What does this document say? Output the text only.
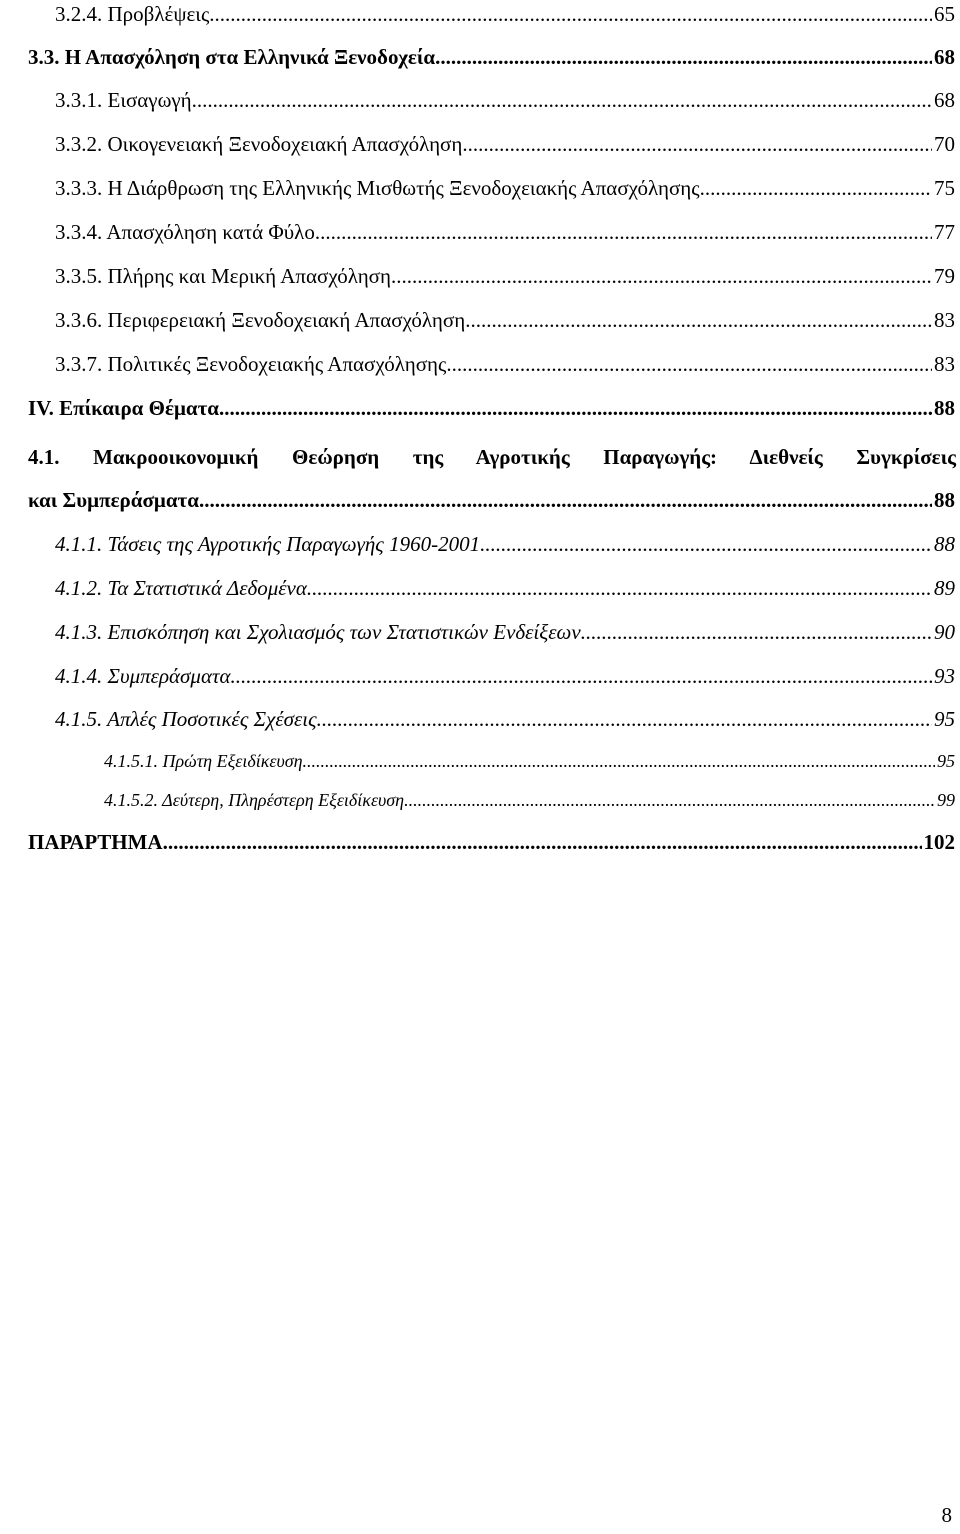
3.2.4. Προβλέψεις .....	65
3.3. Η Απασχόληση στα Ελληνικά Ξενοδοχεία .....	68
3.3.1. Εισαγωγή .....	68
3.3.2. Οικογενειακή Ξενοδοχειακή Απασχόληση .....	70
3.3.3. Η Διάρθρωση της Ελληνικής Μισθωτής Ξενοδοχειακής Απασχόλησης .....	75
3.3.4. Απασχόληση κατά Φύλο .....	77
3.3.5. Πλήρης και Μερική Απασχόληση .....	79
3.3.6. Περιφερειακή Ξενοδοχειακή Απασχόληση .....	83
3.3.7. Πολιτικές Ξενοδοχειακής Απασχόλησης .....	83
IV. Επίκαιρα Θέματα .....	88
4.1. Μακροοικονομική Θεώρηση της Αγροτικής Παραγωγής: Διεθνείς Συγκρίσεις
και Συμπεράσματα .....	88
4.1.1. Τάσεις της Αγροτικής Παραγωγής 1960-2001 .....	88
4.1.2. Τα Στατιστικά Δεδομένα .....	89
4.1.3. Επισκόπηση και Σχολιασμός των Στατιστικών Ενδείξεων .....	90
4.1.4. Συμπεράσματα .....	93
4.1.5. Απλές Ποσοτικές Σχέσεις .....	95
4.1.5.1. Πρώτη Εξειδίκευση .....	95
4.1.5.2. Δεύτερη, Πληρέστερη Εξειδίκευση .....	99
ΠΑΡΑΡΤΗΜΑ .....	102
8
